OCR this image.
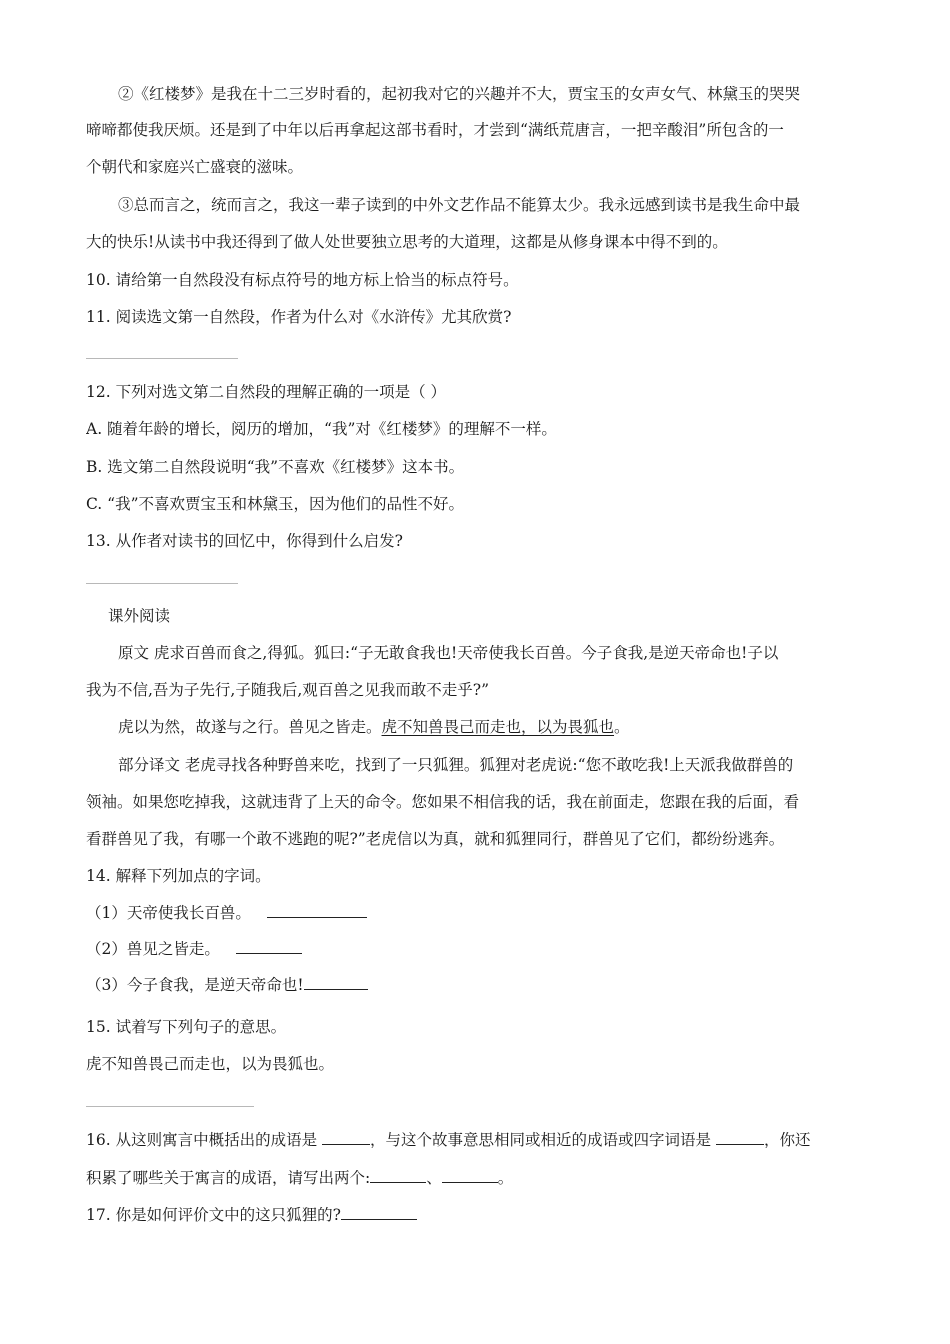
②《红楼梦》是我在十二三岁时看的，起初我对它的兴趣并不大，贾宝玉的女声女气、林黛玉的哭哭
啼啼都使我厌烦。还是到了中年以后再拿起这部书看时，才尝到“满纸荒唐言，一把辛酸泪”所包含的一
个朝代和家庭兴亡盛衰的滋味。
③总而言之，统而言之，我这一辈子读到的中外文艺作品不能算太少。我永远感到读书是我生命中最
大的快乐!从读书中我还得到了做人处世要独立思考的大道理，这都是从修身课本中得不到的。
10. 请给第一自然段没有标点符号的地方标上恰当的标点符号。
11. 阅读选文第一自然段，作者为什么对《水浒传》尤其欣赏?
12. 下列对选文第二自然段的理解正确的一项是（ ）
A. 随着年龄的增长，阅历的增加，“我”对《红楼梦》的理解不一样。
B. 选文第二自然段说明“我”不喜欢《红楼梦》这本书。
C. “我”不喜欢贾宝玉和林黛玉，因为他们的品性不好。
13. 从作者对读书的回忆中，你得到什么启发?
课外阅读
原文 虎求百兽而食之,得狐。狐曰:“子无敢食我也!天帝使我长百兽。今子食我,是逆天帝命也!子以
我为不信,吾为子先行,子随我后,观百兽之见我而敢不走乎?”
虎以为然，故遂与之行。兽见之皆走。虎不知兽畏己而走也，以为畏狐也。
部分译文 老虎寻找各种野兽来吃，找到了一只狐狸。狐狸对老虎说:“您不敢吃我!上天派我做群兽的
领袖。如果您吃掉我，这就违背了上天的命令。您如果不相信我的话，我在前面走，您跟在我的后面，看
看群兽见了我，有哪一个敢不逃跑的呢?”老虎信以为真，就和狐狸同行，群兽见了它们，都纷纷逃奔。
14. 解释下列加点的字词。
（1）天帝使我长百兽。
（2）兽见之皆走。
（3）今子食我，是逆天帝命也!
15. 试着写下列句子的意思。
虎不知兽畏己而走也，以为畏狐也。
16. 从这则寓言中概括出的成语是	，与这个故事意思相同或相近的成语或四字词语是	，你还
积累了哪些关于寓言的成语，请写出两个:	、	。
17. 你是如何评价文中的这只狐狸的?
